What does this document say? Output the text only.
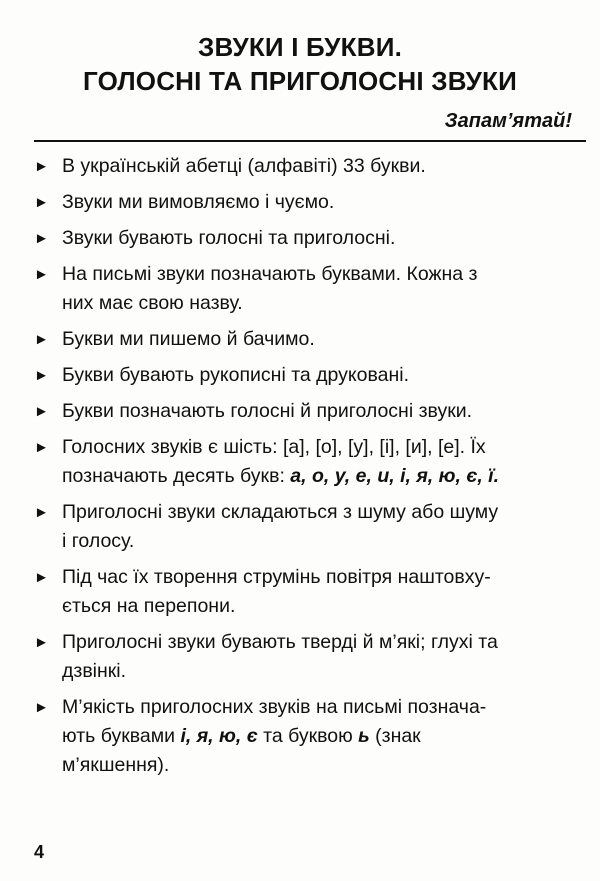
ЗВУКИ І БУКВИ.
ГОЛОСНІ ТА ПРИГОЛОСНІ ЗВУКИ
Запам’ятай!
► В українській абетці (алфавіті) 33 букви.
► Звуки ми вимовляємо і чуємо.
► Звуки бувають голосні та приголосні.
► На письмі звуки позначають буквами. Кожна з
них має свою назву.
► Букви ми пишемо й бачимо.
► Букви бувають рукописні та друковані.
► Букви позначають голосні й приголосні звуки.
► Голосних звуків є шість: [а], [о], [у], [і], [и], [е]. Їх
позначають десять букв: а, о, у, е, и, і, я, ю, є, ї.
► Приголосні звуки складаються з шуму або шуму
і голосу.
► Під час їх творення струмінь повітря наштовху-
ється на перепони.
► Приголосні звуки бувають тверді й м’які; глухі та
дзвінкі.
► М’якість приголосних звуків на письмі познача-
ють буквами і, я, ю, є та буквою ь (знак
м’якшення).
4
